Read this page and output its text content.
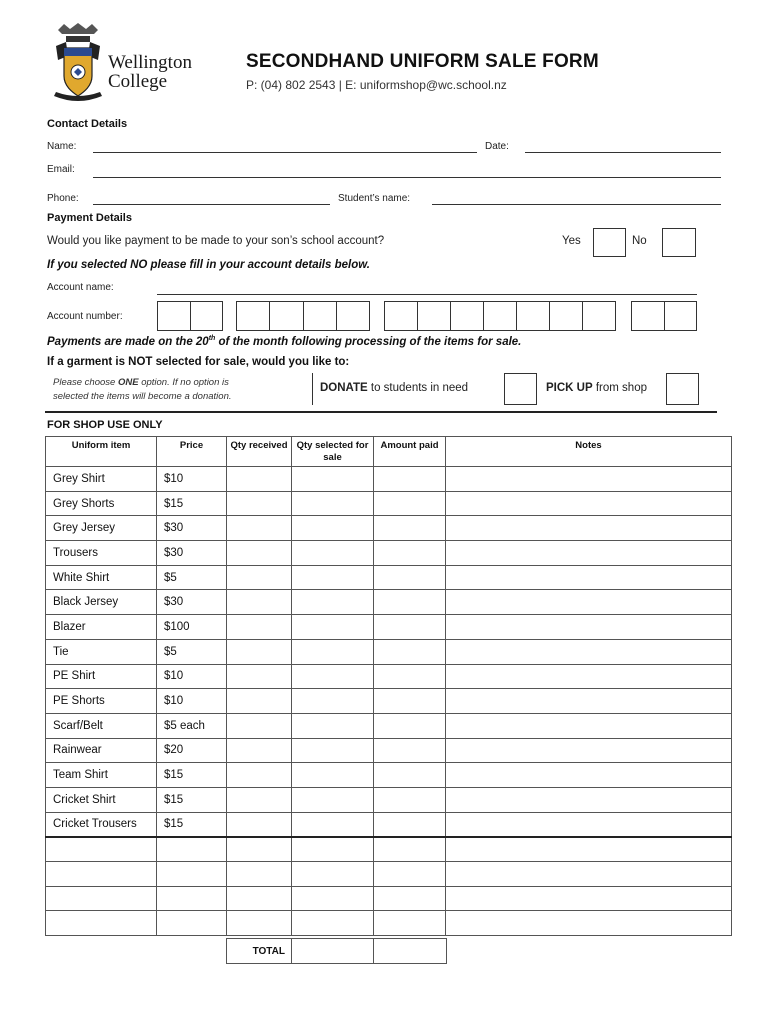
Wellington
College
SECONDHAND UNIFORM SALE FORM
P: (04) 802 2543 | E: uniformshop@wc.school.nz
Contact Details
Name:	Date:
Email:
Phone:	Student’s name:
Payment Details
Would you like payment to be made to your son’s school account?	Yes	No
If you selected NO please fill in your account details below.
Account name:
Account number:
Payments are made on the 20th of the month following processing of the items for sale.
If a garment is NOT selected for sale, would you like to:
Please choose ONE option. If no option is
selected the items will become a donation.
DONATE to students in need	PICK UP from shop
FOR SHOP USE ONLY
Uniform item	Price	Qty received	Qty selected for sale	Amount paid	Notes
Grey Shirt	$10				
Grey Shorts	$15				
Grey Jersey	$30				
Trousers	$30				
White Shirt	$5				
Black Jersey	$30				
Blazer	$100				
Tie	$5				
PE Shirt	$10				
PE Shorts	$10				
Scarf/Belt	$5 each				
Rainwear	$20				
Team Shirt	$15				
Cricket Shirt	$15				
Cricket Trousers	$15				

TOTAL
